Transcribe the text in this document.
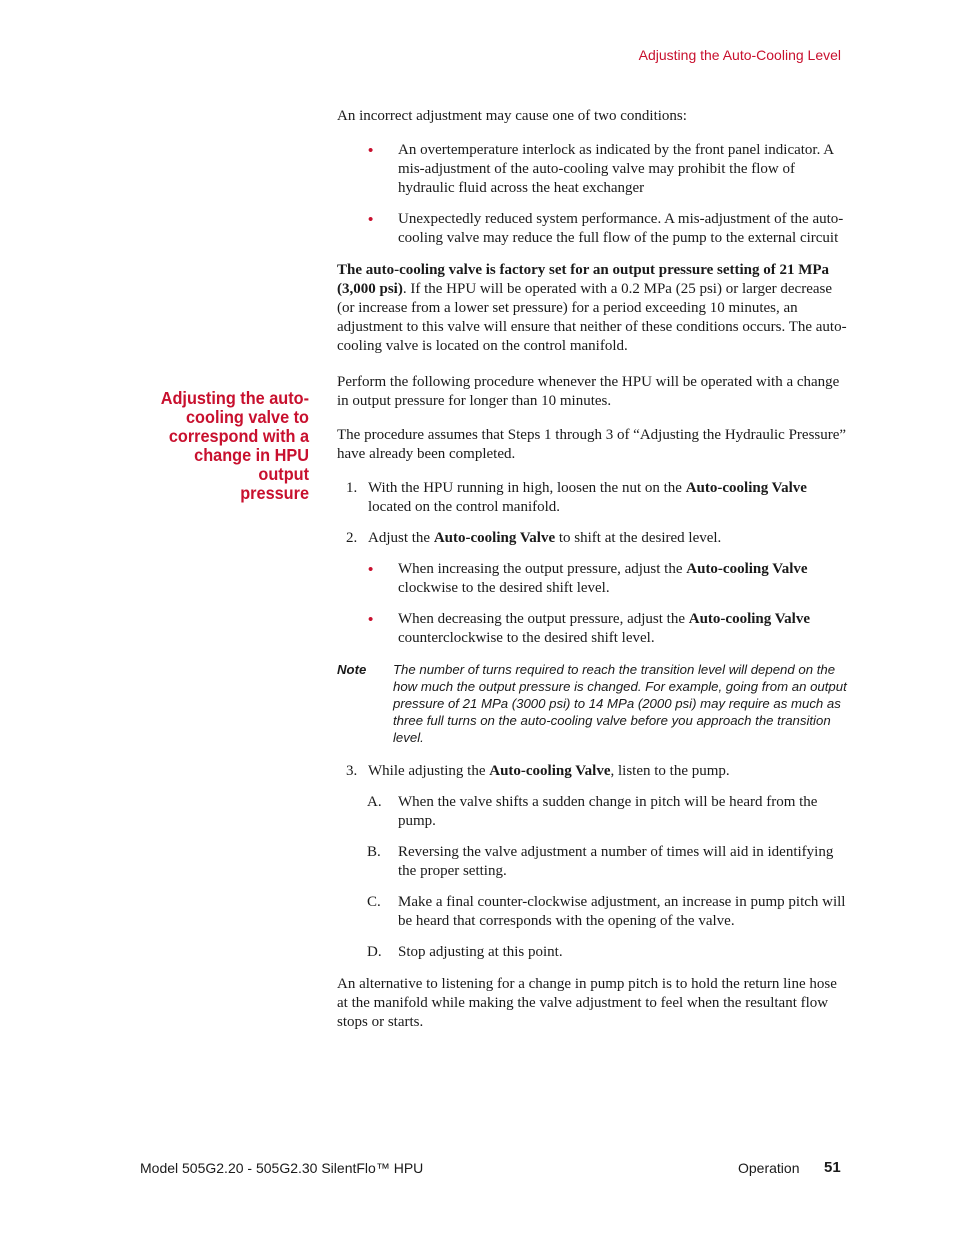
Adjusting the Auto-Cooling Level
Adjusting the auto-
cooling valve to
correspond with a
change in HPU output
pressure

An incorrect adjustment may cause one of two conditions:

• An overtemperature interlock as indicated by the front panel indicator. A mis-adjustment of the auto-cooling valve may prohibit the flow of hydraulic fluid across the heat exchanger
• Unexpectedly reduced system performance. A mis-adjustment of the auto-cooling valve may reduce the full flow of the pump to the external circuit

The auto-cooling valve is factory set for an output pressure setting of 21 MPa (3,000 psi). If the HPU will be operated with a 0.2 MPa (25 psi) or larger decrease (or increase from a lower set pressure) for a period exceeding 10 minutes, an adjustment to this valve will ensure that neither of these conditions occurs. The auto-cooling valve is located on the control manifold.

Perform the following procedure whenever the HPU will be operated with a change in output pressure for longer than 10 minutes.

The procedure assumes that Steps 1 through 3 of “Adjusting the Hydraulic Pressure” have already been completed.

1. With the HPU running in high, loosen the nut on the Auto-cooling Valve located on the control manifold.
2. Adjust the Auto-cooling Valve to shift at the desired level.
• When increasing the output pressure, adjust the Auto-cooling Valve clockwise to the desired shift level.
• When decreasing the output pressure, adjust the Auto-cooling Valve counterclockwise to the desired shift level.
Note The number of turns required to reach the transition level will depend on the how much the output pressure is changed. For example, going from an output pressure of 21 MPa (3000 psi) to 14 MPa (2000 psi) may require as much as three full turns on the auto-cooling valve before you approach the transition level.
3. While adjusting the Auto-cooling Valve, listen to the pump.
A. When the valve shifts a sudden change in pitch will be heard from the pump.
B. Reversing the valve adjustment a number of times will aid in identifying the proper setting.
C. Make a final counter-clockwise adjustment, an increase in pump pitch will be heard that corresponds with the opening of the valve.
D. Stop adjusting at this point.

An alternative to listening for a change in pump pitch is to hold the return line hose at the manifold while making the valve adjustment to feel when the resultant flow stops or starts.

Model 505G2.20 - 505G2.30 SilentFlo™ HPU	Operation 51
